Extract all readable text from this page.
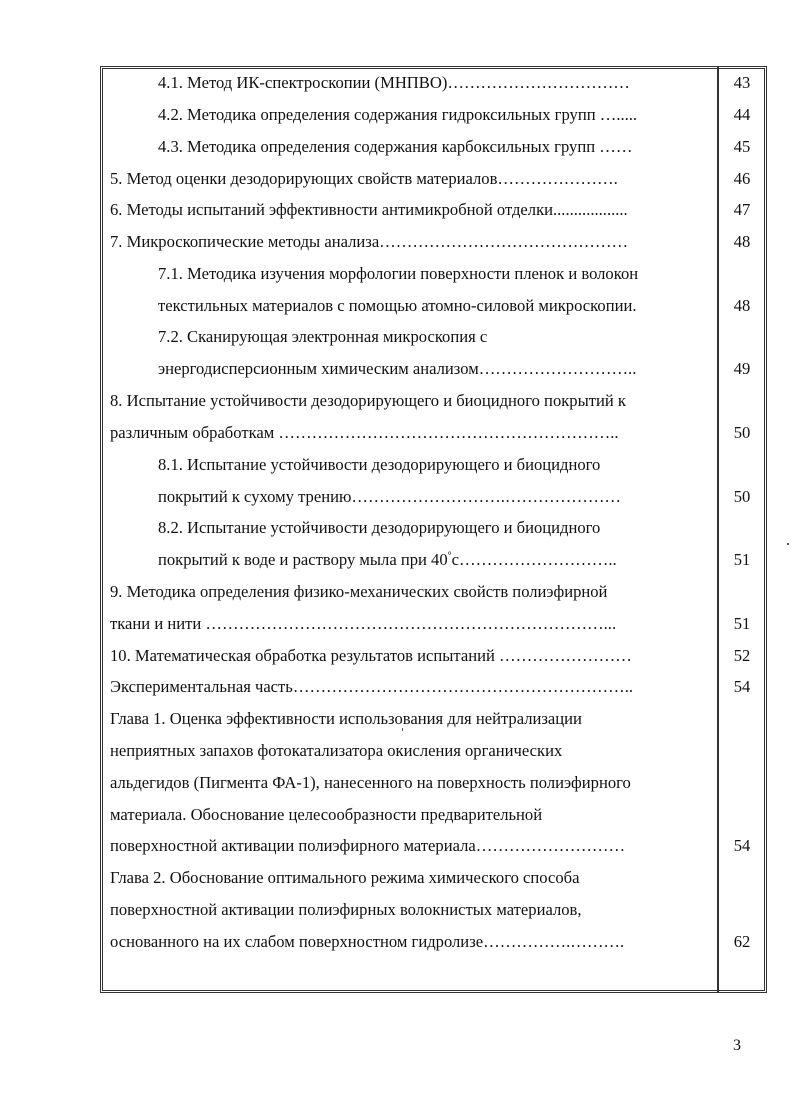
4.1. Метод ИК-спектроскопии (МНПВО)……………………………	43
4.2. Методика определения содержания гидроксильных групп ….....	44
4.3. Методика определения содержания карбоксильных групп ……	45
5. Метод оценки дезодорирующих свойств материалов………………….	46
6. Методы испытаний эффективности антимикробной отделки..................	47
7. Микроскопические методы анализа………………………………………	48
7.1. Методика изучения морфологии поверхности пленок и волокон
текстильных материалов с помощью атомно-силовой микроскопии.	48
7.2. Сканирующая электронная микроскопия с
энергодисперсионным химическим анализом………………………..	49
8. Испытание устойчивости дезодорирующего и биоцидного покрытий к
различным обработкам ……………………………………………………..	50
8.1. Испытание устойчивости дезодорирующего и биоцидного
покрытий к сухому трению……………………….…………………	50
8.2. Испытание устойчивости дезодорирующего и биоцидного
покрытий к воде и раствору мыла при 40°с………………………..	51
9. Методика определения физико-механических свойств полиэфирной
ткани и нити ………………………………………………………………...	51
10. Математическая обработка результатов испытаний ……………………	52
Экспериментальная часть……………………………………………………..	54
Глава 1. Оценка эффективности использования для нейтрализации
неприятных запахов фотокатализатора окисления органических
альдегидов (Пигмента ФА-1), нанесенного на поверхность полиэфирного
материала. Обоснование целесообразности предварительной
поверхностной активации полиэфирного материала………………………	54
Глава 2. Обоснование оптимального режима химического способа
поверхностной активации полиэфирных волокнистых материалов,
основанного на их слабом поверхностном гидролизе…………….……….	62
3
